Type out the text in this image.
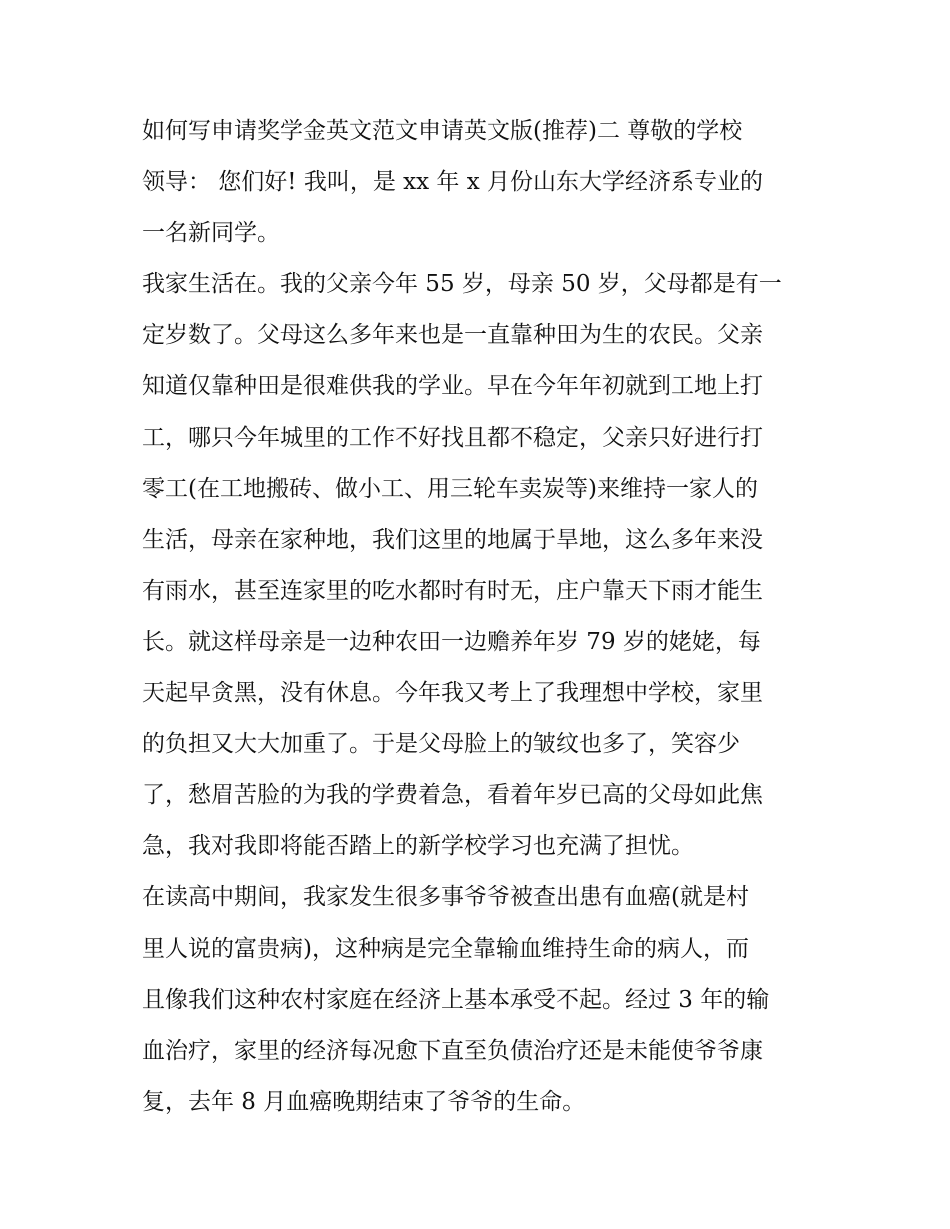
如何写申请奖学金英文范文申请英文版(推荐)二 尊敬的学校
领导： 您们好! 我叫，是 xx 年 x 月份山东大学经济系专业的
一名新同学。

我家生活在。我的父亲今年 55 岁，母亲 50 岁，父母都是有一
定岁数了。父母这么多年来也是一直靠种田为生的农民。父亲
知道仅靠种田是很难供我的学业。早在今年年初就到工地上打
工，哪只今年城里的工作不好找且都不稳定，父亲只好进行打
零工(在工地搬砖、做小工、用三轮车卖炭等)来维持一家人的
生活，母亲在家种地，我们这里的地属于旱地，这么多年来没
有雨水，甚至连家里的吃水都时有时无，庄户靠天下雨才能生
长。就这样母亲是一边种农田一边赡养年岁 79 岁的姥姥，每
天起早贪黑，没有休息。今年我又考上了我理想中学校，家里
的负担又大大加重了。于是父母脸上的皱纹也多了，笑容少
了，愁眉苦脸的为我的学费着急，看着年岁已高的父母如此焦
急，我对我即将能否踏上的新学校学习也充满了担忧。

在读高中期间，我家发生很多事爷爷被查出患有血癌(就是村
里人说的富贵病)，这种病是完全靠输血维持生命的病人，而
且像我们这种农村家庭在经济上基本承受不起。经过 3 年的输
血治疗，家里的经济每况愈下直至负债治疗还是未能使爷爷康
复，去年 8 月血癌晚期结束了爷爷的生命。
